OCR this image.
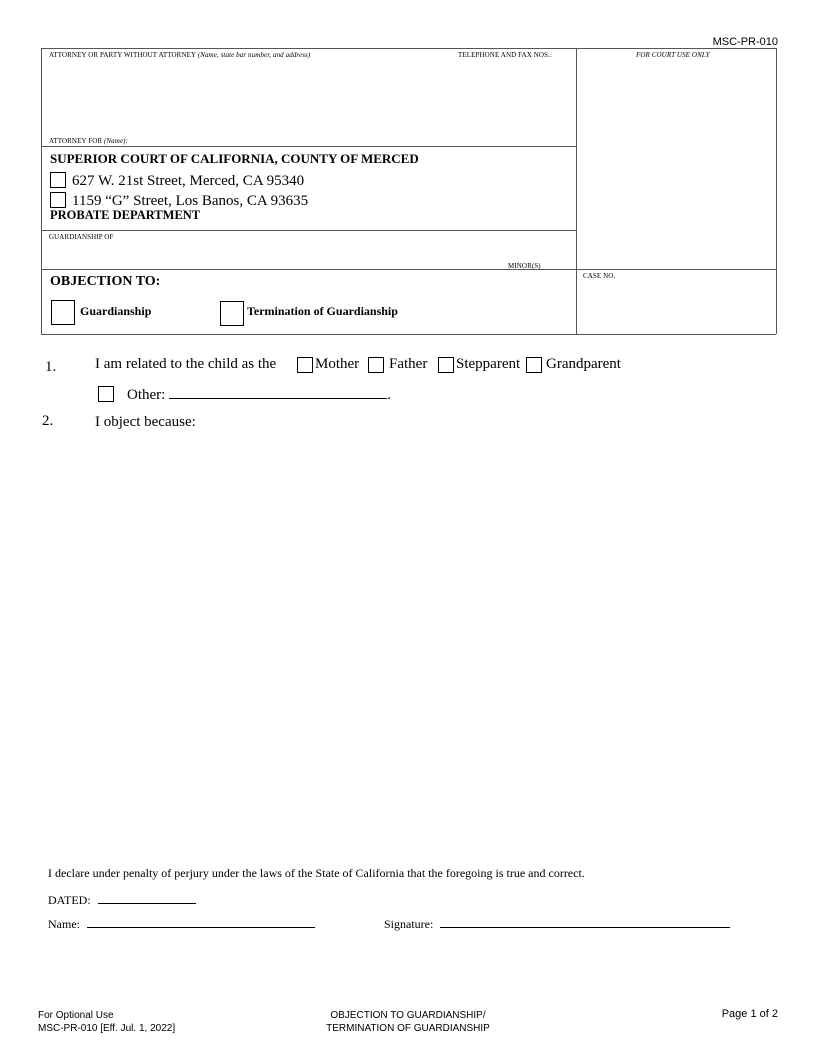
MSC-PR-010
ATTORNEY OR PARTY WITHOUT ATTORNEY (Name, state bar number, and address)	TELEPHONE AND FAX NOS.:	FOR COURT USE ONLY
ATTORNEY FOR (Name):
SUPERIOR COURT OF CALIFORNIA, COUNTY OF MERCED
627 W. 21st Street, Merced, CA 95340
1159 “G” Street, Los Banos, CA 93635
PROBATE DEPARTMENT
GUARDIANSHIP OF
MINOR(S)
OBJECTION TO:
Guardianship	Termination of Guardianship
CASE NO.
1.	I am related to the child as the	Mother Father Stepparent Grandparent
Other:	.
2.	I object because:
I declare under penalty of perjury under the laws of the State of California that the foregoing is true and correct.
DATED:
Name:	Signature:
For Optional Use
MSC-PR-010 [Eff. Jul. 1, 2022]
OBJECTION TO GUARDIANSHIP/
TERMINATION OF GUARDIANSHIP
Page 1 of 2
